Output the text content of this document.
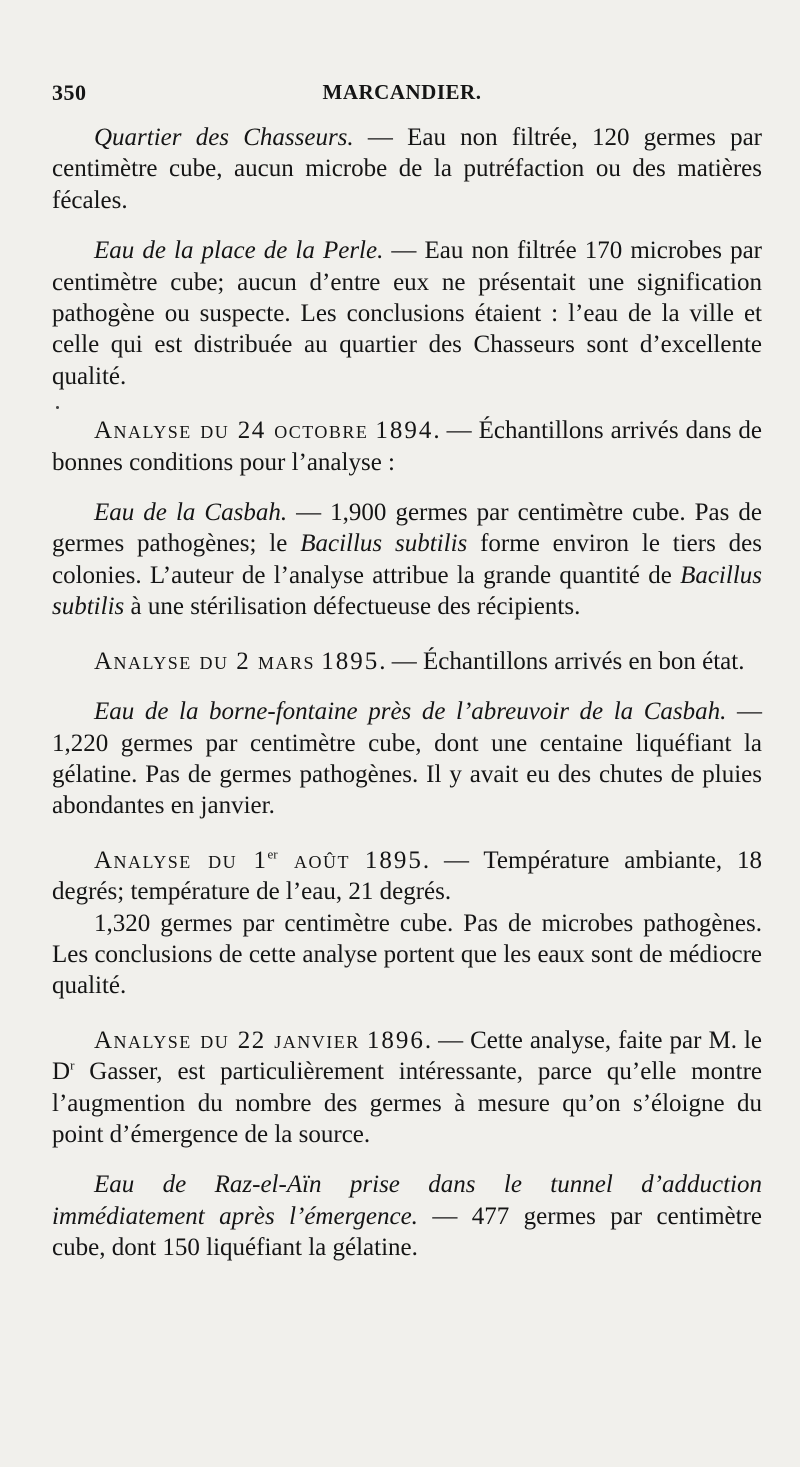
350	MARCANDIER.

Quartier des Chasseurs. — Eau non filtrée, 120 germes par centimètre cube, aucun microbe de la putréfaction ou des matières fécales.

Eau de la place de la Perle. — Eau non filtrée 170 microbes par centimètre cube; aucun d’entre eux ne présentait une signification pathogène ou suspecte. Les conclusions étaient : l’eau de la ville et celle qui est distribuée au quartier des Chasseurs sont d’excellente qualité.

Analyse du 24 octobre 1894. — Échantillons arrivés dans de bonnes conditions pour l’analyse :

Eau de la Casbah. — 1,900 germes par centimètre cube. Pas de germes pathogènes; le Bacillus subtilis forme environ le tiers des colonies. L’auteur de l’analyse attribue la grande quantité de Bacillus subtilis à une stérilisation défectueuse des récipients.

Analyse du 2 mars 1895. — Échantillons arrivés en bon état.

Eau de la borne-fontaine près de l’abreuvoir de la Casbah. — 1,220 germes par centimètre cube, dont une centaine liquéfiant la gélatine. Pas de germes pathogènes. Il y avait eu des chutes de pluies abondantes en janvier.

Analyse du 1er août 1895. — Température ambiante, 18 degrés; température de l’eau, 21 degrés.

1,320 germes par centimètre cube. Pas de microbes pathogènes. Les conclusions de cette analyse portent que les eaux sont de médiocre qualité.

Analyse du 22 janvier 1896. — Cette analyse, faite par M. le $D^r$ Gasser, est particulièrement intéressante, parce qu’elle montre l’augmention du nombre des germes à mesure qu’on s’éloigne du point d’émergence de la source.

Eau de Raz-el-Aïn prise dans le tunnel d’adduction immédiatement après l’émergence. — 477 germes par centimètre cube, dont 150 liquéfiant la gélatine.
